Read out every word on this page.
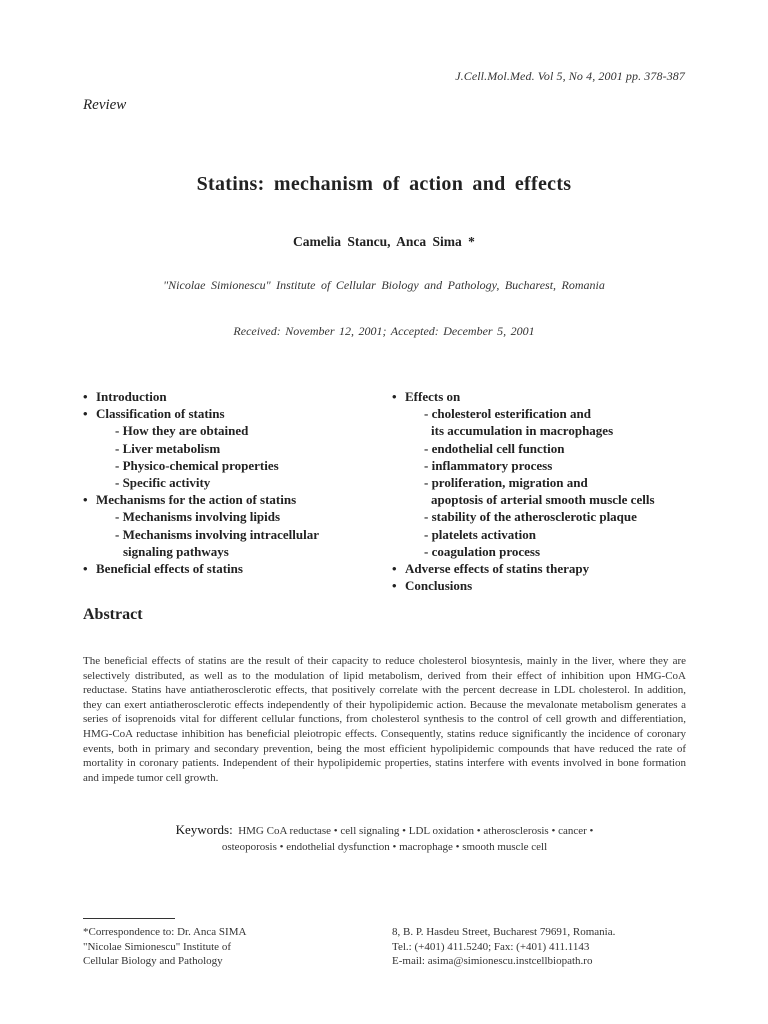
J.Cell.Mol.Med. Vol 5, No 4, 2001 pp. 378-387
Review
Statins: mechanism of action and effects
Camelia Stancu, Anca Sima *
"Nicolae Simionescu" Institute of Cellular Biology and Pathology, Bucharest, Romania
Received: November 12, 2001; Accepted: December 5, 2001
• Introduction
• Classification of statins
- How they are obtained
- Liver metabolism
- Physico-chemical properties
- Specific activity
• Mechanisms for the action of statins
- Mechanisms involving lipids
- Mechanisms involving intracellular
signaling pathways
• Beneficial effects of statins
• Effects on
- cholesterol esterification and
its accumulation in macrophages
- endothelial cell function
- inflammatory process
- proliferation, migration and
apoptosis of arterial smooth muscle cells
- stability of the atherosclerotic plaque
- platelets activation
- coagulation process
• Adverse effects of statins therapy
• Conclusions
Abstract
The beneficial effects of statins are the result of their capacity to reduce cholesterol biosyntesis, mainly in the liver, where they are selectively distributed, as well as to the modulation of lipid metabolism, derived from their effect of inhibition upon HMG-CoA reductase. Statins have antiatherosclerotic effects, that positively correlate with the percent decrease in LDL cholesterol. In addition, they can exert antiatherosclerotic effects independently of their hypolipidemic action. Because the mevalonate metabolism generates a series of isoprenoids vital for different cellular functions, from cholesterol synthesis to the control of cell growth and differentiation, HMG-CoA reductase inhibition has beneficial pleiotropic effects. Consequently, statins reduce significantly the incidence of coronary events, both in primary and secondary prevention, being the most efficient hypolipidemic compounds that have reduced the rate of mortality in coronary patients. Independent of their hypolipidemic properties, statins interfere with events involved in bone formation and impede tumor cell growth.
Keywords: HMG CoA reductase • cell signaling • LDL oxidation • atherosclerosis • cancer •
osteoporosis • endothelial dysfunction • macrophage • smooth muscle cell
*Correspondence to: Dr. Anca SIMA
"Nicolae Simionescu" Institute of
Cellular Biology and Pathology
8, B. P. Hasdeu Street, Bucharest 79691, Romania.
Tel.: (+401) 411.5240; Fax: (+401) 411.1143
E-mail: asima@simionescu.instcellbiopath.ro
